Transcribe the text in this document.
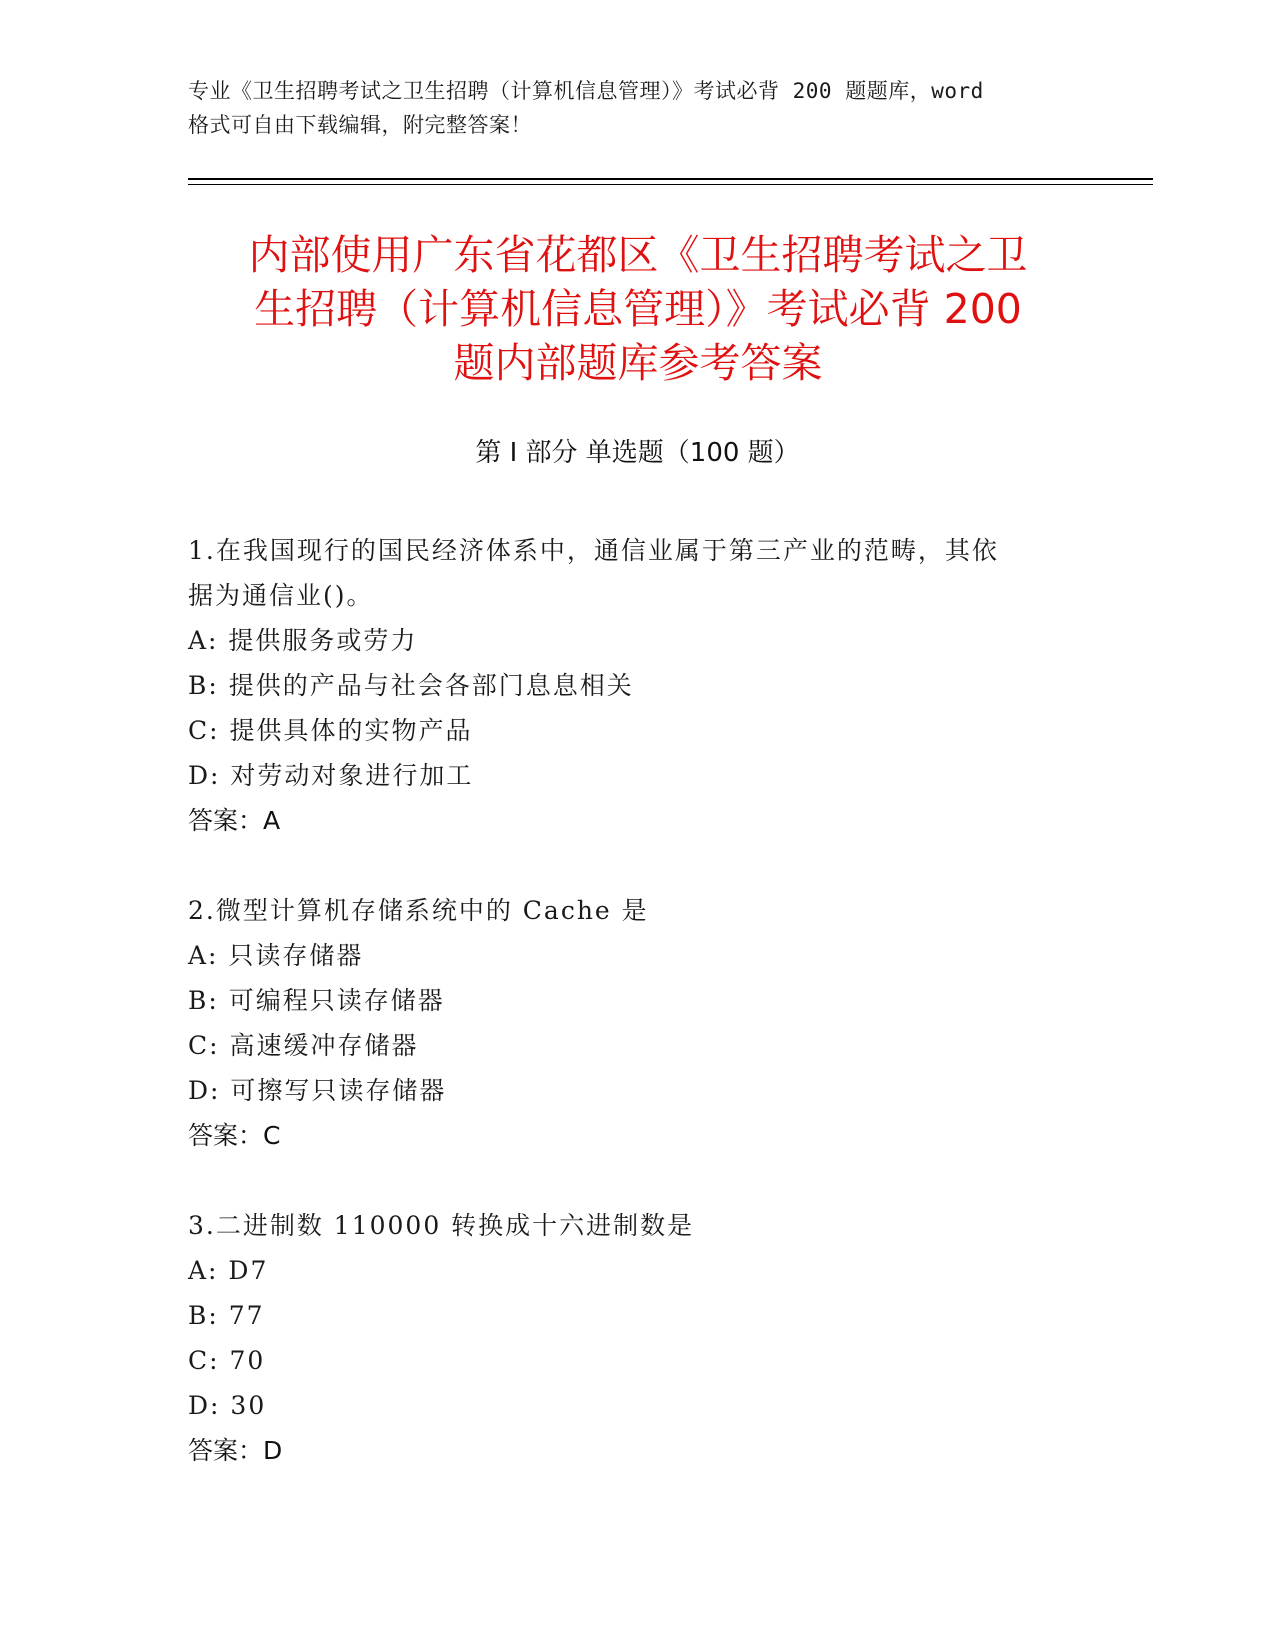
专业《卫生招聘考试之卫生招聘（计算机信息管理）》考试必背 200 题题库，word
格式可自由下载编辑，附完整答案！
内部使用广东省花都区《卫生招聘考试之卫
生招聘（计算机信息管理）》考试必背 200
题内部题库参考答案
第 I 部分 单选题（100 题）
1.在我国现行的国民经济体系中，通信业属于第三产业的范畴，其依
据为通信业()。
A: 提供服务或劳力
B: 提供的产品与社会各部门息息相关
C: 提供具体的实物产品
D: 对劳动对象进行加工
答案：A
2.微型计算机存储系统中的 Cache 是
A: 只读存储器
B: 可编程只读存储器
C: 高速缓冲存储器
D: 可擦写只读存储器
答案：C
3.二进制数 110000 转换成十六进制数是
A: D7
B: 77
C: 70
D: 30
答案：D
